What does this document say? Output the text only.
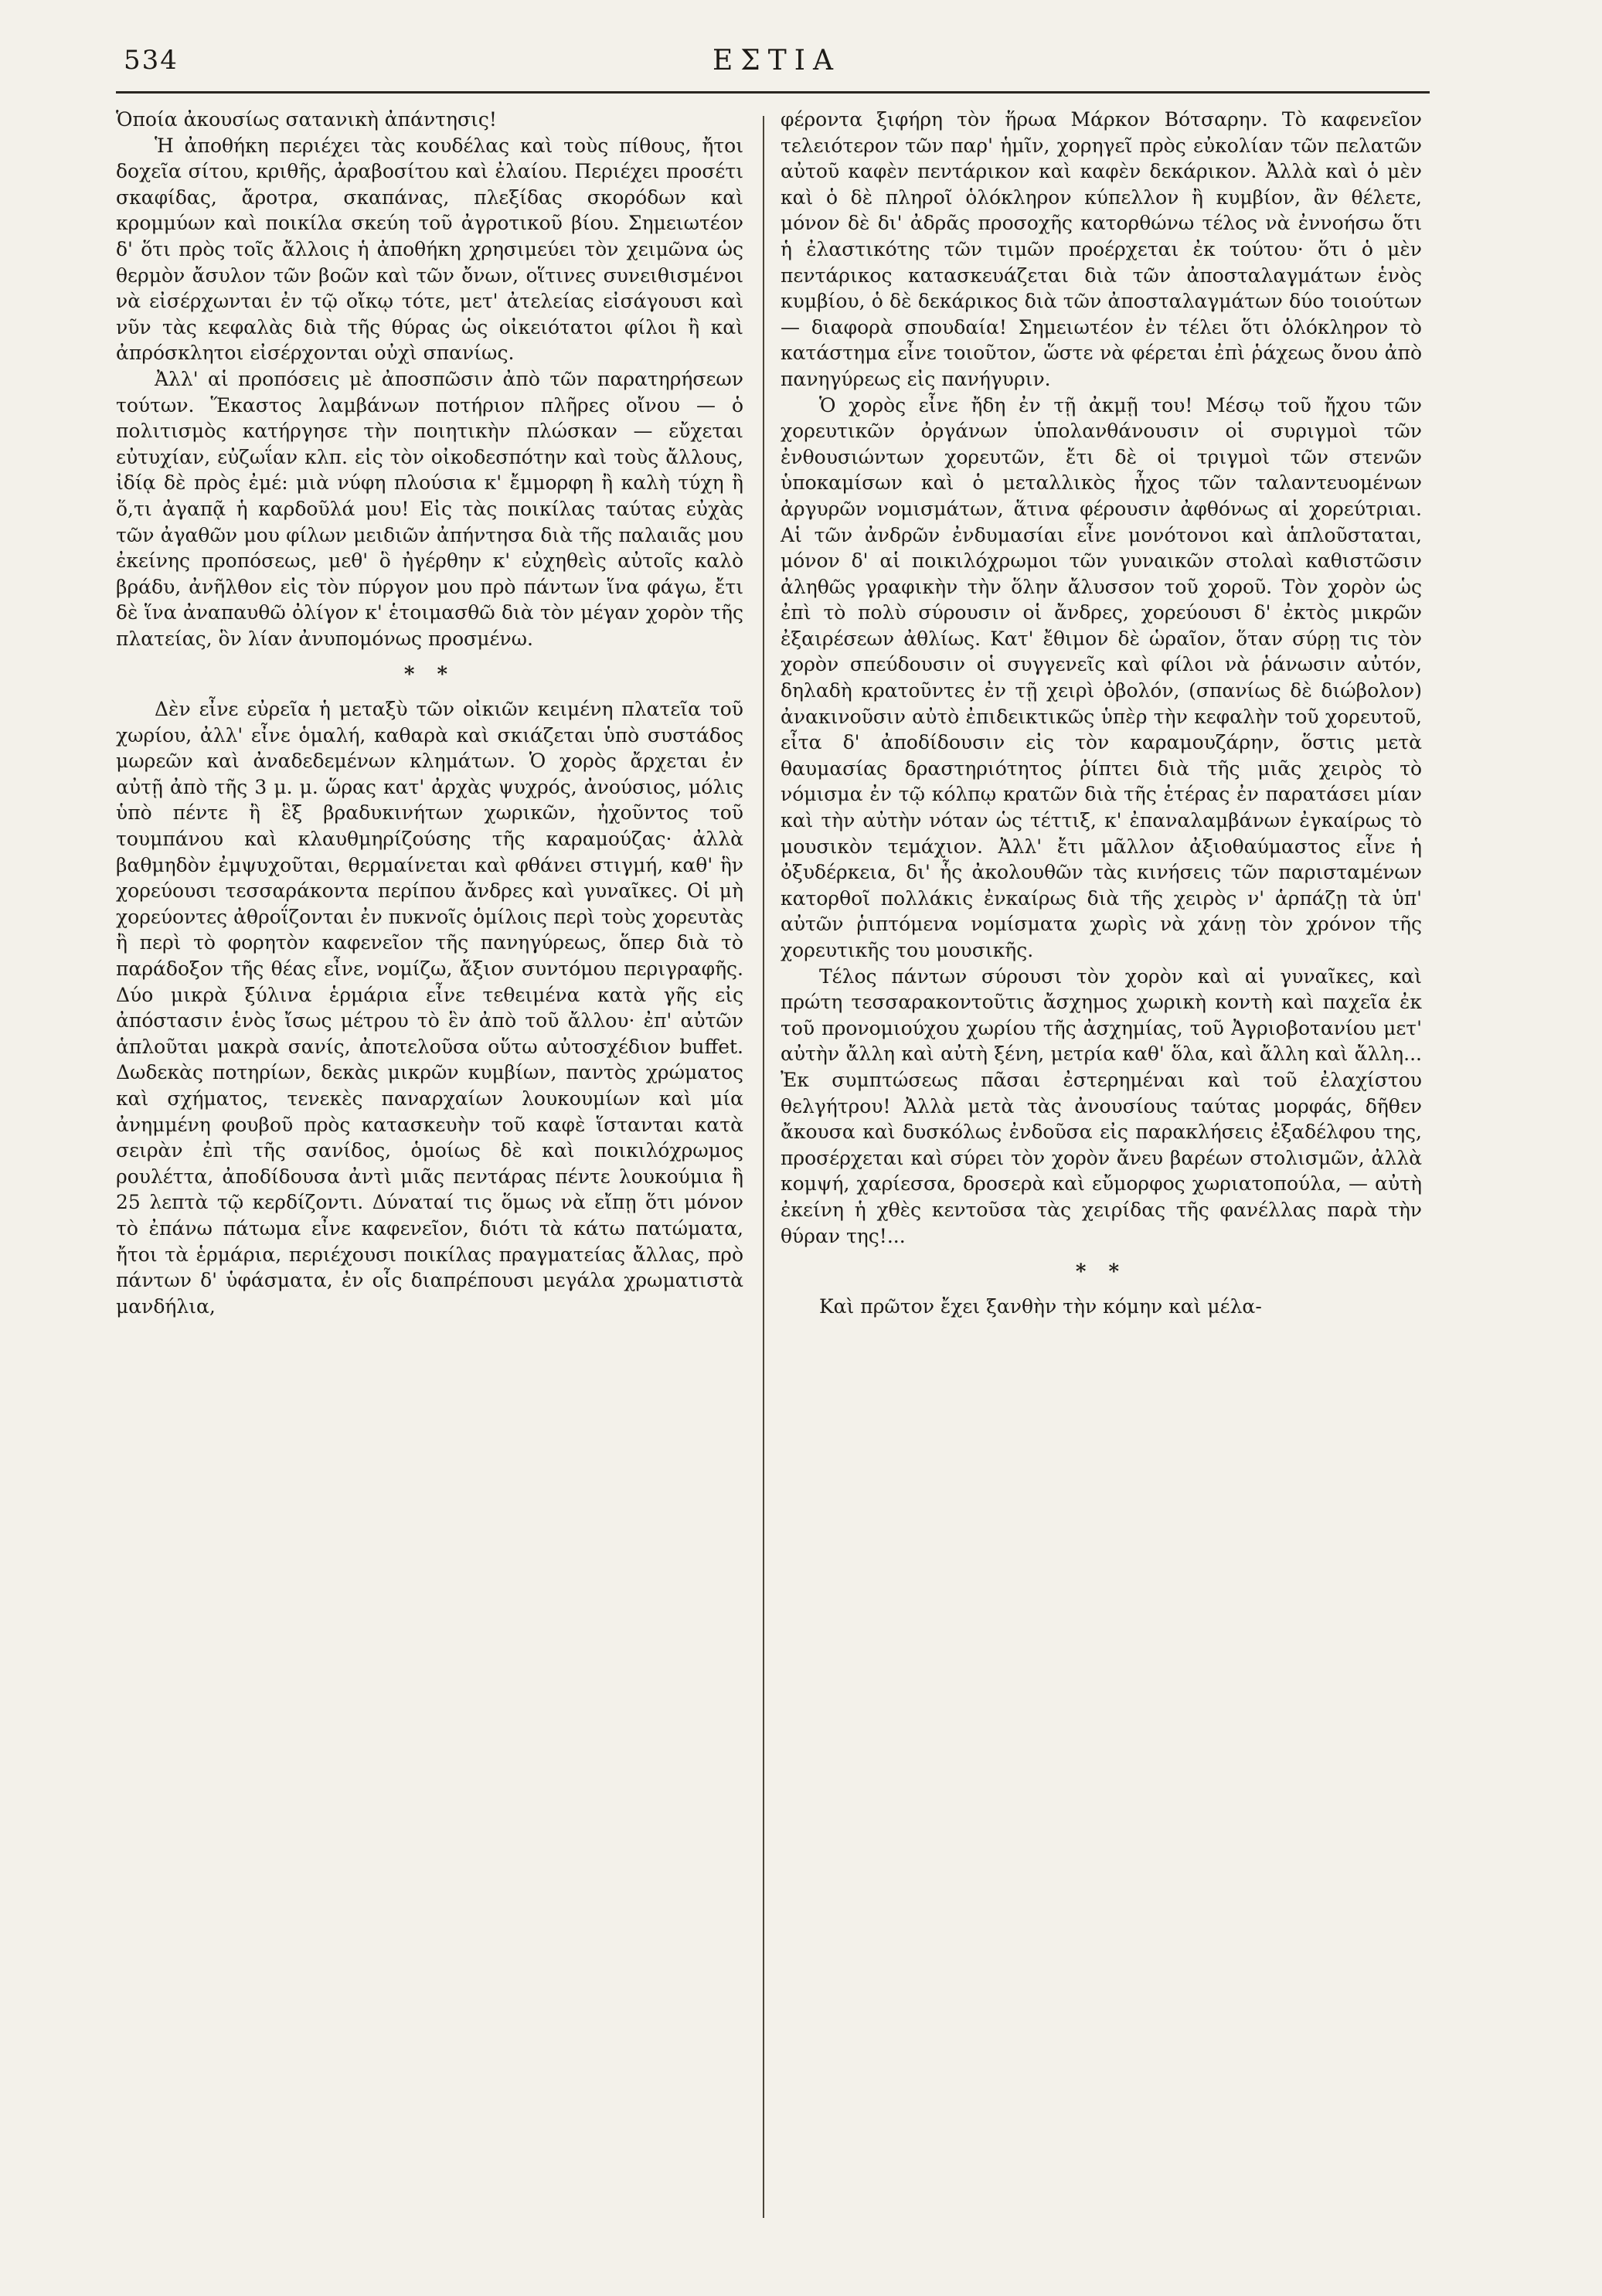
534	ΕΣΤΙΑ

Ὁποία ἀκουσίως σατανικὴ ἀπάντησις!

Ἡ ἀποθήκη περιέχει τὰς κουδέλας καὶ τοὺς πίθους, ἤτοι δοχεῖα σίτου, κριθῆς, ἀραβοσίτου καὶ ἐλαίου. Περιέχει προσέτι σκαφίδας, ἄροτρα, σκαπάνας, πλεξίδας σκορόδων καὶ κρομμύων καὶ ποικίλα σκεύη τοῦ ἀγροτικοῦ βίου. Σημειωτέον δ' ὅτι πρὸς τοῖς ἄλλοις ἡ ἀποθήκη χρησιμεύει τὸν χειμῶνα ὡς θερμὸν ἄσυλον τῶν βοῶν καὶ τῶν ὄνων, οἵτινες συνειθισμένοι νὰ εἰσέρχωνται ἐν τῷ οἴκῳ τότε, μετ' ἀτελείας εἰσάγουσι καὶ νῦν τὰς κεφαλὰς διὰ τῆς θύρας ὡς οἰκειότατοι φίλοι ἢ καὶ ἀπρόσκλητοι εἰσέρχονται οὐχὶ σπανίως.

Ἀλλ' αἱ προπόσεις μὲ ἀποσπῶσιν ἀπὸ τῶν παρατηρήσεων τούτων. Ἕκαστος λαμβάνων ποτήριον πλῆρες οἴνου — ὁ πολιτισμὸς κατήργησε τὴν ποιητικὴν πλώσκαν — εὔχεται εὐτυχίαν, εὐζωΐαν κλπ. εἰς τὸν οἰκοδεσπότην καὶ τοὺς ἄλλους, ἰδίᾳ δὲ πρὸς ἐμέ: μιὰ νύφη πλούσια κ' ἔμμορφη ἢ καλὴ τύχη ἢ ὅ,τι ἀγαπᾷ ἡ καρδοῦλά μου! Εἰς τὰς ποικίλας ταύτας εὐχὰς τῶν ἀγαθῶν μου φίλων μειδιῶν ἀπήντησα διὰ τῆς παλαιᾶς μου ἐκείνης προπόσεως, μεθ' ὃ ἠγέρθην κ' εὐχηθεὶς αὐτοῖς καλὸ βράδυ, ἀνῆλθον εἰς τὸν πύργον μου πρὸ πάντων ἵνα φάγω, ἔτι δὲ ἵνα ἀναπαυθῶ ὀλίγον κ' ἑτοιμασθῶ διὰ τὸν μέγαν χορὸν τῆς πλατείας, ὃν λίαν ἀνυπομόνως προσμένω.

* *

Δὲν εἶνε εὐρεῖα ἡ μεταξὺ τῶν οἰκιῶν κειμένη πλατεῖα τοῦ χωρίου, ἀλλ' εἶνε ὁμαλή, καθαρὰ καὶ σκιάζεται ὑπὸ συστάδος μωρεῶν καὶ ἀναδεδεμένων κλημάτων. Ὁ χορὸς ἄρχεται ἐν αὐτῇ ἀπὸ τῆς 3 μ. μ. ὥρας κατ' ἀρχὰς ψυχρός, ἀνούσιος, μόλις ὑπὸ πέντε ἢ ἓξ βραδυκινήτων χωρικῶν, ἠχοῦντος τοῦ τουμπάνου καὶ κλαυθμηρίζούσης τῆς καραμούζας· ἀλλὰ βαθμηδὸν ἐμψυχοῦται, θερμαίνεται καὶ φθάνει στιγμή, καθ' ἣν χορεύουσι τεσσαράκοντα περίπου ἄνδρες καὶ γυναῖκες. Οἱ μὴ χορεύοντες ἀθροΐζονται ἐν πυκνοῖς ὁμίλοις περὶ τοὺς χορευτὰς ἢ περὶ τὸ φορητὸν καφενεῖον τῆς πανηγύρεως, ὅπερ διὰ τὸ παράδοξον τῆς θέας εἶνε, νομίζω, ἄξιον συντόμου περιγραφῆς. Δύο μικρὰ ξύλινα ἑρμάρια εἶνε τεθειμένα κατὰ γῆς εἰς ἀπόστασιν ἑνὸς ἴσως μέτρου τὸ ἓν ἀπὸ τοῦ ἄλλου· ἐπ' αὐτῶν ἁπλοῦται μακρὰ σανίς, ἀποτελοῦσα οὕτω αὐτοσχέδιον buffet. Δωδεκὰς ποτηρίων, δεκὰς μικρῶν κυμβίων, παντὸς χρώματος καὶ σχήματος, τενεκὲς παναρχαίων λουκουμίων καὶ μία ἀνημμένη φουβοῦ πρὸς κατασκευὴν τοῦ καφὲ ἵστανται κατὰ σειρὰν ἐπὶ τῆς σανίδος, ὁμοίως δὲ καὶ ποικιλόχρωμος ρουλέττα, ἀποδίδουσα ἀντὶ μιᾶς πεντάρας πέντε λουκούμια ἢ 25 λεπτὰ τῷ κερδίζοντι. Δύναταί τις ὅμως νὰ εἴπῃ ὅτι μόνον τὸ ἐπάνω πάτωμα εἶνε καφενεῖον, διότι τὰ κάτω πατώματα, ἤτοι τὰ ἑρμάρια, περιέχουσι ποικίλας πραγματείας ἄλλας, πρὸ πάντων δ' ὑφάσματα, ἐν οἷς διαπρέπουσι μεγάλα χρωματιστὰ μανδήλια,

φέροντα ξιφήρη τὸν ἥρωα Μάρκον Βότσαρην. Τὸ καφενεῖον τελειότερον τῶν παρ' ἡμῖν, χορηγεῖ πρὸς εὐκολίαν τῶν πελατῶν αὐτοῦ καφὲν πεντάρικον καὶ καφὲν δεκάρικον. Ἀλλὰ καὶ ὁ μὲν καὶ ὁ δὲ πληροῖ ὁλόκληρον κύπελλον ἢ κυμβίον, ἂν θέλετε, μόνον δὲ δι' ἀδρᾶς προσοχῆς κατορθώνω τέλος νὰ ἐννοήσω ὅτι ἡ ἐλαστικότης τῶν τιμῶν προέρχεται ἐκ τούτου· ὅτι ὁ μὲν πεντάρικος κατασκευάζεται διὰ τῶν ἀποσταλαγμάτων ἑνὸς κυμβίου, ὁ δὲ δεκάρικος διὰ τῶν ἀποσταλαγμάτων δύο τοιούτων — διαφορὰ σπουδαία! Σημειωτέον ἐν τέλει ὅτι ὁλόκληρον τὸ κατάστημα εἶνε τοιοῦτον, ὥστε νὰ φέρεται ἐπὶ ῥάχεως ὄνου ἀπὸ πανηγύρεως εἰς πανήγυριν.

Ὁ χορὸς εἶνε ἤδη ἐν τῇ ἀκμῇ του! Μέσῳ τοῦ ἤχου τῶν χορευτικῶν ὀργάνων ὑπολανθάνουσιν οἱ συριγμοὶ τῶν ἐνθουσιώντων χορευτῶν, ἔτι δὲ οἱ τριγμοὶ τῶν στενῶν ὑποκαμίσων καὶ ὁ μεταλλικὸς ἦχος τῶν ταλαντευομένων ἀργυρῶν νομισμάτων, ἅτινα φέρουσιν ἀφθόνως αἱ χορεύτριαι. Αἱ τῶν ἀνδρῶν ἐνδυμασίαι εἶνε μονότονοι καὶ ἁπλοῦσταται, μόνον δ' αἱ ποικιλόχρωμοι τῶν γυναικῶν στολαὶ καθιστῶσιν ἀληθῶς γραφικὴν τὴν ὅλην ἄλυσσον τοῦ χοροῦ. Τὸν χορὸν ὡς ἐπὶ τὸ πολὺ σύρουσιν οἱ ἄνδρες, χορεύουσι δ' ἐκτὸς μικρῶν ἐξαιρέσεων ἀθλίως. Κατ' ἔθιμον δὲ ὡραῖον, ὅταν σύρῃ τις τὸν χορὸν σπεύδουσιν οἱ συγγενεῖς καὶ φίλοι νὰ ῥάνωσιν αὐτόν, δηλαδὴ κρατοῦντες ἐν τῇ χειρὶ ὀβολόν, (σπανίως δὲ διώβολον) ἀνακινοῦσιν αὐτὸ ἐπιδεικτικῶς ὑπὲρ τὴν κεφαλὴν τοῦ χορευτοῦ, εἶτα δ' ἀποδίδουσιν εἰς τὸν καραμουζάρην, ὅστις μετὰ θαυμασίας δραστηριότητος ῥίπτει διὰ τῆς μιᾶς χειρὸς τὸ νόμισμα ἐν τῷ κόλπῳ κρατῶν διὰ τῆς ἑτέρας ἐν παρατάσει μίαν καὶ τὴν αὐτὴν νόταν ὡς τέττιξ, κ' ἐπαναλαμβάνων ἐγκαίρως τὸ μουσικὸν τεμάχιον. Ἀλλ' ἔτι μᾶλλον ἀξιοθαύμαστος εἶνε ἡ ὀξυδέρκεια, δι' ἧς ἀκολουθῶν τὰς κινήσεις τῶν παρισταμένων κατορθοῖ πολλάκις ἐνκαίρως διὰ τῆς χειρὸς ν' ἁρπάζῃ τὰ ὑπ' αὐτῶν ῥιπτόμενα νομίσματα χωρὶς νὰ χάνῃ τὸν χρόνον τῆς χορευτικῆς του μουσικῆς.

Τέλος πάντων σύρουσι τὸν χορὸν καὶ αἱ γυναῖκες, καὶ πρώτη τεσσαρακοντοῦτις ἄσχημος χωρικὴ κοντὴ καὶ παχεῖα ἐκ τοῦ προνομιούχου χωρίου τῆς ἀσχημίας, τοῦ Ἀγριοβοτανίου μετ' αὐτὴν ἄλλη καὶ αὐτὴ ξένη, μετρία καθ' ὅλα, καὶ ἄλλη καὶ ἄλλη... Ἐκ συμπτώσεως πᾶσαι ἐστερημέναι καὶ τοῦ ἐλαχίστου θελγήτρου! Ἀλλὰ μετὰ τὰς ἀνουσίους ταύτας μορφάς, δῆθεν ἄκουσα καὶ δυσκόλως ἐνδοῦσα εἰς παρακλήσεις ἐξαδέλφου της, προσέρχεται καὶ σύρει τὸν χορὸν ἄνευ βαρέων στολισμῶν, ἀλλὰ κομψή, χαρίεσσα, δροσερὰ καὶ εὔμορφος χωριατοπούλα, — αὐτὴ ἐκείνη ἡ χθὲς κεντοῦσα τὰς χειρίδας τῆς φανέλλας παρὰ τὴν θύραν της!...

* *

Καὶ πρῶτον ἔχει ξανθὴν τὴν κόμην καὶ μέλα-
